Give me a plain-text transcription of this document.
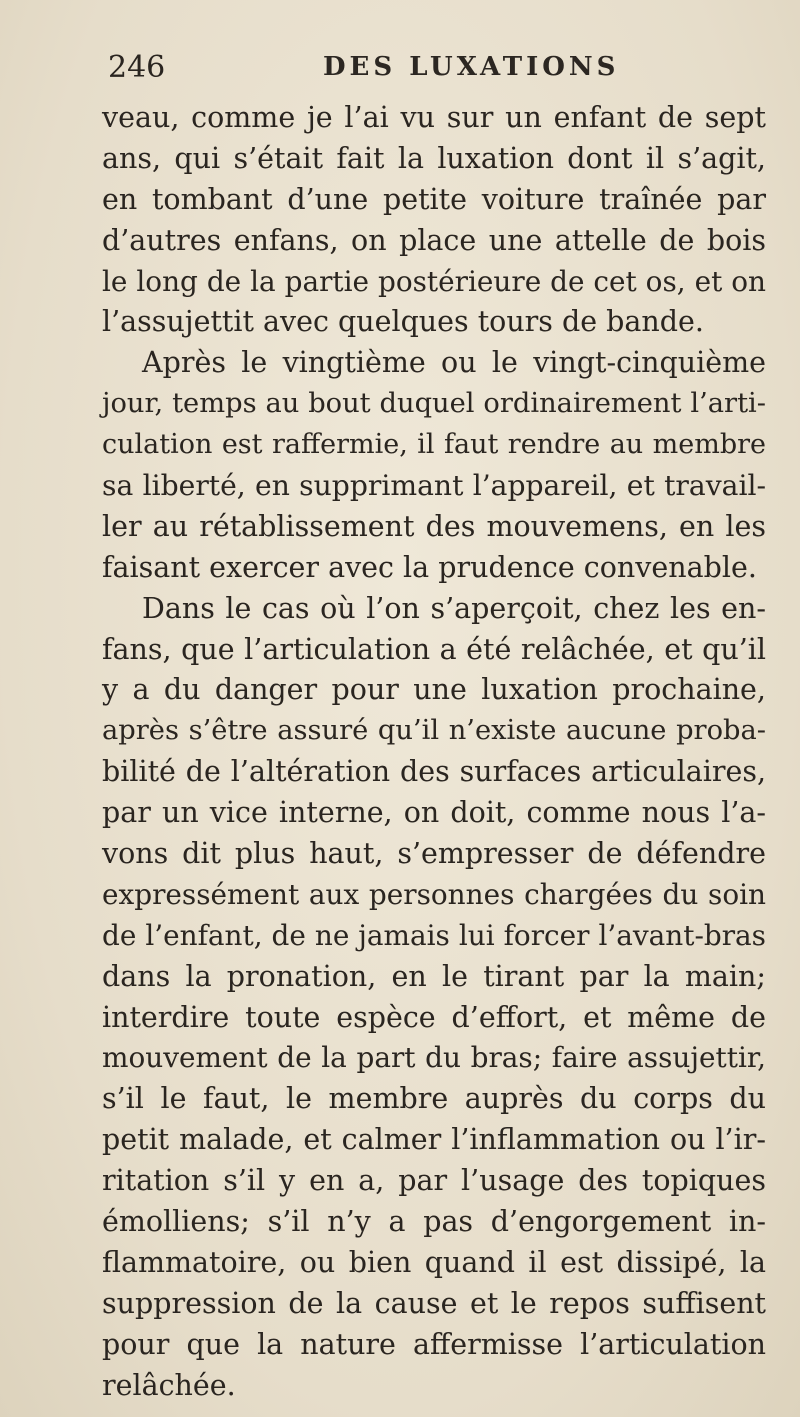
246	DES LUXATIONS
veau, comme je l’ai vu sur un enfant de sept
ans, qui s’était fait la luxation dont il s’agit,
en tombant d’une petite voiture traînée par
d’autres enfans, on place une attelle de bois
le long de la partie postérieure de cet os, et on
l’assujettit avec quelques tours de bande.
Après le vingtième ou le vingt-cinquième
jour, temps au bout duquel ordinairement l’arti-
culation est raffermie, il faut rendre au membre
sa liberté, en supprimant l’appareil, et travail-
ler au rétablissement des mouvemens, en les
faisant exercer avec la prudence convenable.
Dans le cas où l’on s’aperçoit, chez les en-
fans, que l’articulation a été relâchée, et qu’il
y a du danger pour une luxation prochaine,
après s’être assuré qu’il n’existe aucune proba-
bilité de l’altération des surfaces articulaires,
par un vice interne, on doit, comme nous l’a-
vons dit plus haut, s’empresser de défendre
expressément aux personnes chargées du soin
de l’enfant, de ne jamais lui forcer l’avant-bras
dans la pronation, en le tirant par la main;
interdire toute espèce d’effort, et même de
mouvement de la part du bras; faire assujettir,
s’il le faut, le membre auprès du corps du
petit malade, et calmer l’inflammation ou l’ir-
ritation s’il y en a, par l’usage des topiques
émolliens; s’il n’y a pas d’engorgement in-
flammatoire, ou bien quand il est dissipé, la
suppression de la cause et le repos suffisent
pour que la nature affermisse l’articulation
relâchée.
